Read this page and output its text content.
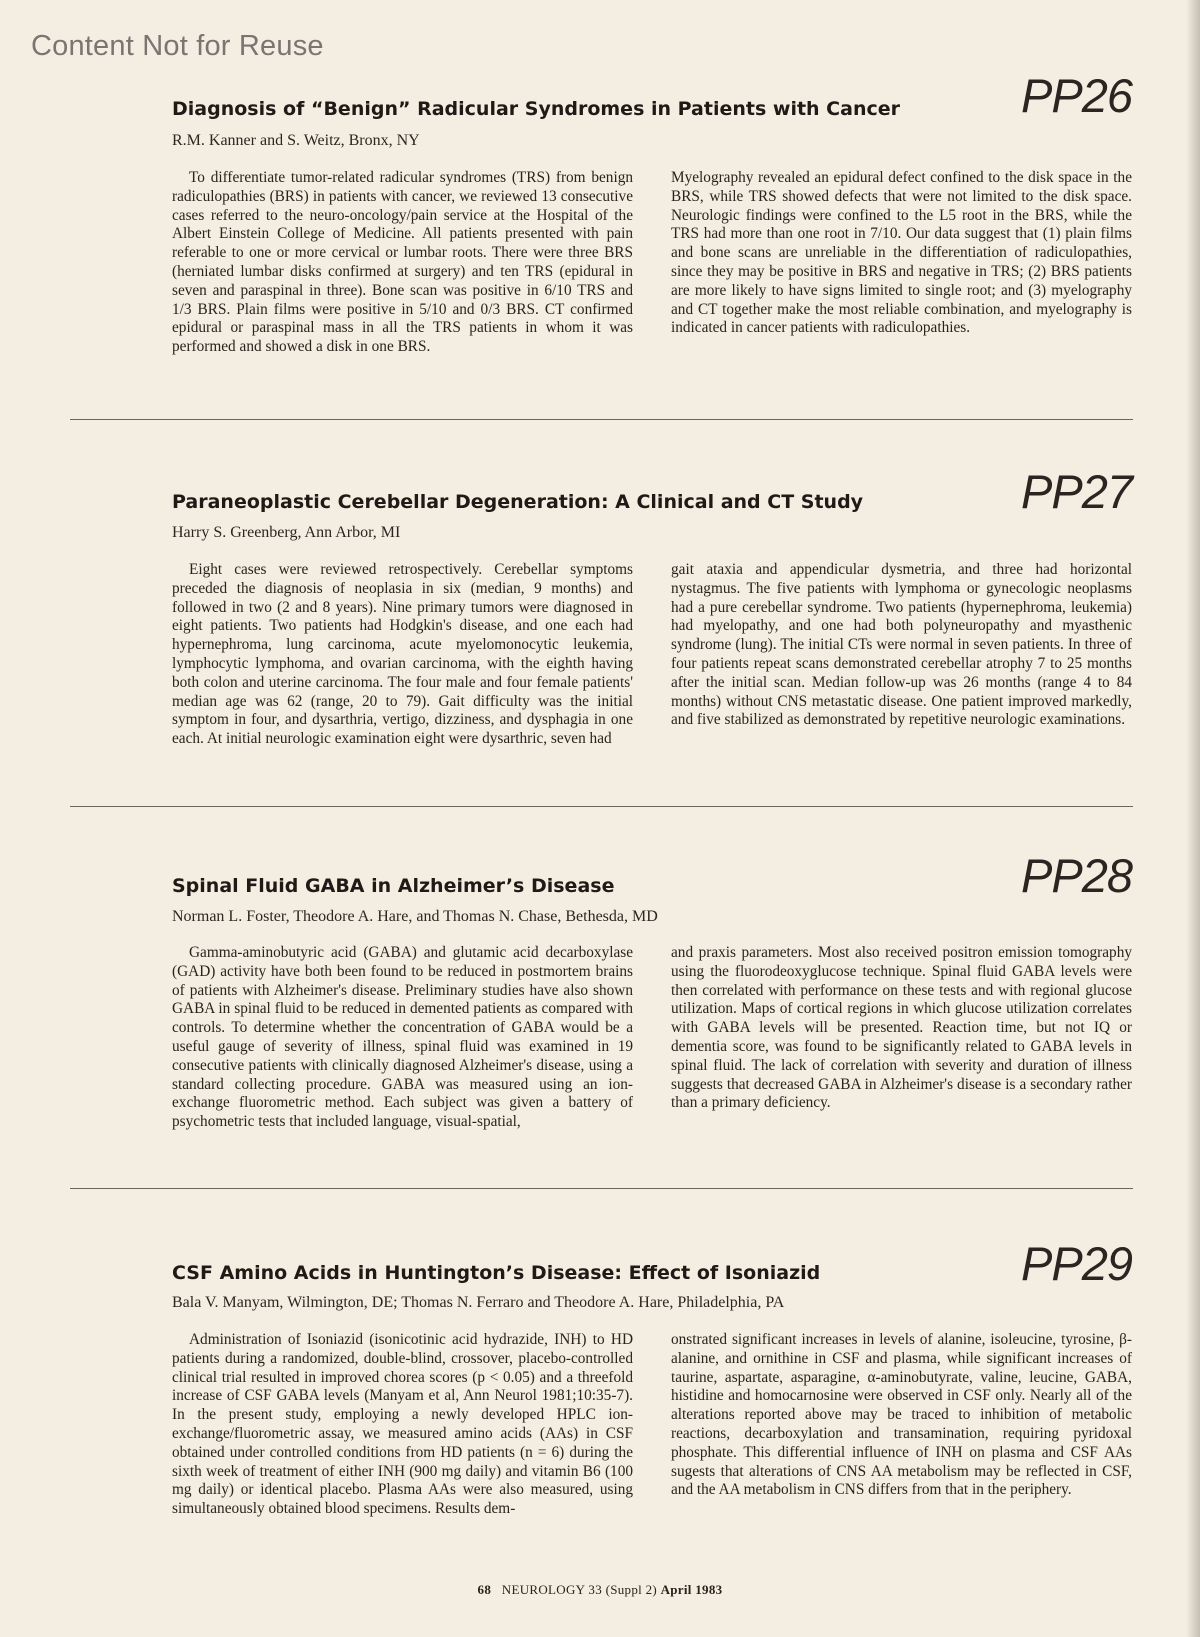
Content Not for Reuse
PP26
Diagnosis of “Benign” Radicular Syndromes in Patients with Cancer
R.M. Kanner and S. Weitz, Bronx, NY

To differentiate tumor-related radicular syndromes (TRS) from benign radiculopathies (BRS) in patients with cancer, we reviewed 13 consecutive cases referred to the neuro-oncology/pain service at the Hospital of the Albert Einstein College of Medicine. All patients presented with pain referable to one or more cervical or lumbar roots. There were three BRS (herniated lumbar disks confirmed at surgery) and ten TRS (epidural in seven and paraspinal in three). Bone scan was positive in 6/10 TRS and 1/3 BRS. Plain films were positive in 5/10 and 0/3 BRS. CT confirmed epidural or paraspinal mass in all the TRS patients in whom it was performed and showed a disk in one BRS.

Myelography revealed an epidural defect confined to the disk space in the BRS, while TRS showed defects that were not limited to the disk space. Neurologic findings were confined to the L5 root in the BRS, while the TRS had more than one root in 7/10. Our data suggest that (1) plain films and bone scans are unreliable in the differentiation of radiculopathies, since they may be positive in BRS and negative in TRS; (2) BRS patients are more likely to have signs limited to single root; and (3) myelography and CT together make the most reliable combination, and myelography is indicated in cancer patients with radiculopathies.

PP27
Paraneoplastic Cerebellar Degeneration: A Clinical and CT Study
Harry S. Greenberg, Ann Arbor, MI

Eight cases were reviewed retrospectively. Cerebellar symptoms preceded the diagnosis of neoplasia in six (median, 9 months) and followed in two (2 and 8 years). Nine primary tumors were diagnosed in eight patients. Two patients had Hodgkin's disease, and one each had hypernephroma, lung carcinoma, acute myelomonocytic leukemia, lymphocytic lymphoma, and ovarian carcinoma, with the eighth having both colon and uterine carcinoma. The four male and four female patients' median age was 62 (range, 20 to 79). Gait difficulty was the initial symptom in four, and dysarthria, vertigo, dizziness, and dysphagia in one each. At initial neurologic examination eight were dysarthric, seven had

gait ataxia and appendicular dysmetria, and three had horizontal nystagmus. The five patients with lymphoma or gynecologic neoplasms had a pure cerebellar syndrome. Two patients (hypernephroma, leukemia) had myelopathy, and one had both polyneuropathy and myasthenic syndrome (lung). The initial CTs were normal in seven patients. In three of four patients repeat scans demonstrated cerebellar atrophy 7 to 25 months after the initial scan. Median follow-up was 26 months (range 4 to 84 months) without CNS metastatic disease. One patient improved markedly, and five stabilized as demonstrated by repetitive neurologic examinations.

PP28
Spinal Fluid GABA in Alzheimer’s Disease
Norman L. Foster, Theodore A. Hare, and Thomas N. Chase, Bethesda, MD

Gamma-aminobutyric acid (GABA) and glutamic acid decarboxylase (GAD) activity have both been found to be reduced in postmortem brains of patients with Alzheimer's disease. Preliminary studies have also shown GABA in spinal fluid to be reduced in demented patients as compared with controls. To determine whether the concentration of GABA would be a useful gauge of severity of illness, spinal fluid was examined in 19 consecutive patients with clinically diagnosed Alzheimer's disease, using a standard collecting procedure. GABA was measured using an ion-exchange fluorometric method. Each subject was given a battery of psychometric tests that included language, visual-spatial,

and praxis parameters. Most also received positron emission tomography using the fluorodeoxyglucose technique. Spinal fluid GABA levels were then correlated with performance on these tests and with regional glucose utilization. Maps of cortical regions in which glucose utilization correlates with GABA levels will be presented. Reaction time, but not IQ or dementia score, was found to be significantly related to GABA levels in spinal fluid. The lack of correlation with severity and duration of illness suggests that decreased GABA in Alzheimer's disease is a secondary rather than a primary deficiency.

PP29
CSF Amino Acids in Huntington’s Disease: Effect of Isoniazid
Bala V. Manyam, Wilmington, DE; Thomas N. Ferraro and Theodore A. Hare, Philadelphia, PA

Administration of Isoniazid (isonicotinic acid hydrazide, INH) to HD patients during a randomized, double-blind, crossover, placebo-controlled clinical trial resulted in improved chorea scores (p < 0.05) and a threefold increase of CSF GABA levels (Manyam et al, Ann Neurol 1981;10:35-7). In the present study, employing a newly developed HPLC ion-exchange/fluorometric assay, we measured amino acids (AAs) in CSF obtained under controlled conditions from HD patients (n = 6) during the sixth week of treatment of either INH (900 mg daily) and vitamin B6 (100 mg daily) or identical placebo. Plasma AAs were also measured, using simultaneously obtained blood specimens. Results dem-

onstrated significant increases in levels of alanine, isoleucine, tyrosine, β-alanine, and ornithine in CSF and plasma, while significant increases of taurine, aspartate, asparagine, α-aminobutyrate, valine, leucine, GABA, histidine and homocarnosine were observed in CSF only. Nearly all of the alterations reported above may be traced to inhibition of metabolic reactions, decarboxylation and transamination, requiring pyridoxal phosphate. This differential influence of INH on plasma and CSF AAs sugests that alterations of CNS AA metabolism may be reflected in CSF, and the AA metabolism in CNS differs from that in the periphery.

68 NEUROLOGY 33 (Suppl 2) April 1983
